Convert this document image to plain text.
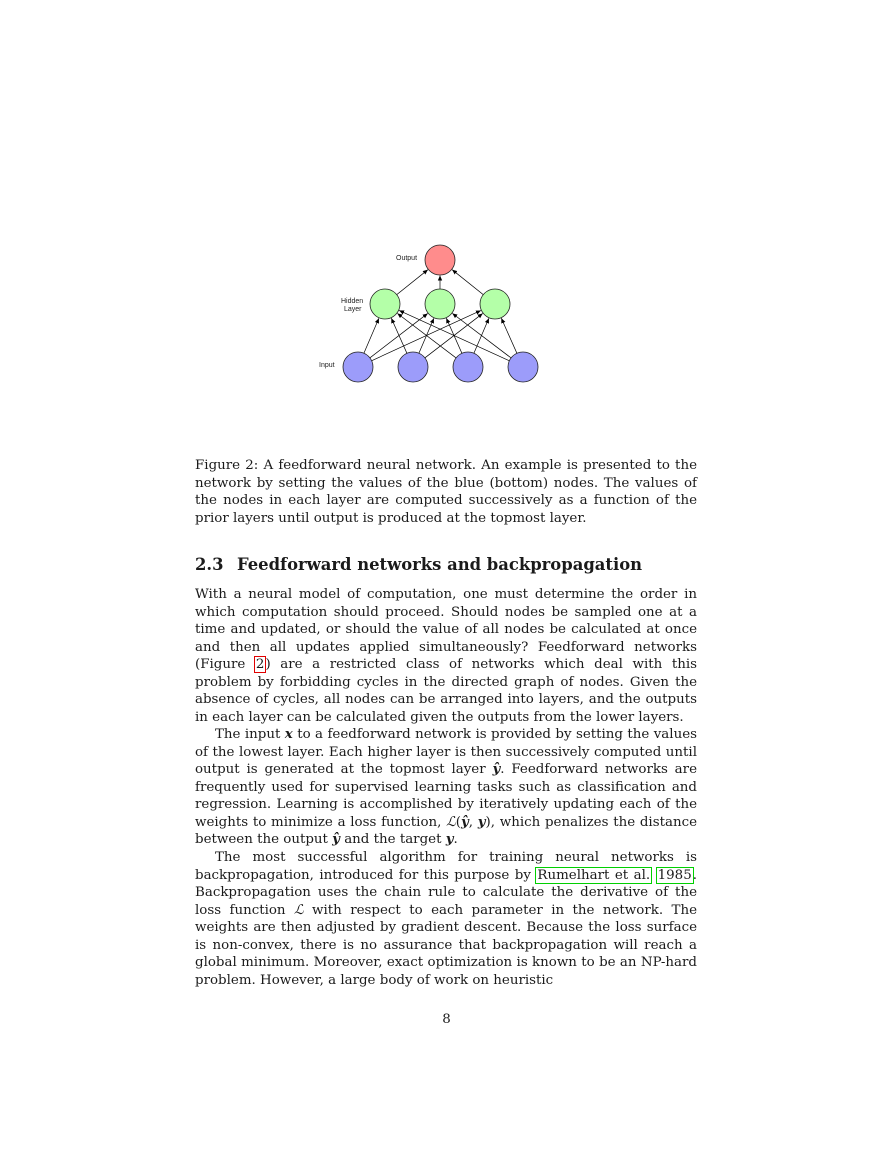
Output
Hidden
Layer
Input

Figure 2: A feedforward neural network. An example is presented to the network by setting the values of the blue (bottom) nodes. The values of the nodes in each layer are computed successively as a function of the prior layers until output is produced at the topmost layer.

2.3 Feedforward networks and backpropagation

With a neural model of computation, one must determine the order in which computation should proceed. Should nodes be sampled one at a time and updated, or should the value of all nodes be calculated at once and then all updates applied simultaneously? Feedforward networks (Figure 2) are a restricted class of networks which deal with this problem by forbidding cycles in the directed graph of nodes. Given the absence of cycles, all nodes can be arranged into layers, and the outputs in each layer can be calculated given the outputs from the lower layers.

The input x to a feedforward network is provided by setting the values of the lowest layer. Each higher layer is then successively computed until output is generated at the topmost layer ŷ. Feedforward networks are frequently used for supervised learning tasks such as classification and regression. Learning is accomplished by iteratively updating each of the weights to minimize a loss function, ℒ(ŷ, y), which penalizes the distance between the output ŷ and the target y.

The most successful algorithm for training neural networks is backpropagation, introduced for this purpose by Rumelhart et al. 1985. Backpropagation uses the chain rule to calculate the derivative of the loss function ℒ with respect to each parameter in the network. The weights are then adjusted by gradient descent. Because the loss surface is non-convex, there is no assurance that backpropagation will reach a global minimum. Moreover, exact optimization is known to be an NP-hard problem. However, a large body of work on heuristic

8
